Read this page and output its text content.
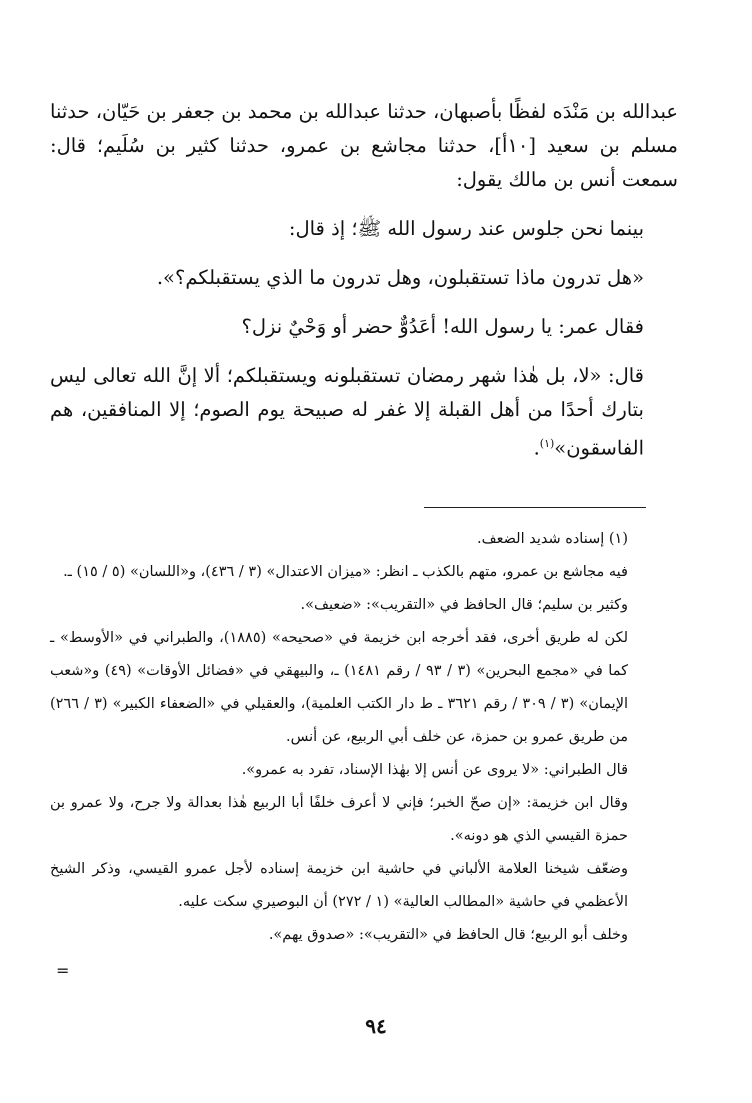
عبدالله بن مَنْدَه لفظًا بأصبهان، حدثنا عبدالله بن محمد بن جعفر بن حَيّان، حدثنا مسلم بن سعيد [١٠أ]، حدثنا مجاشع بن عمرو، حدثنا كثير بن سُلَيم؛ قال: سمعت أنس بن مالك يقول:

بينما نحن جلوس عند رسول الله ﷺ؛ إذ قال:

«هل تدرون ماذا تستقبلون، وهل تدرون ما الذي يستقبلكم؟».

فقال عمر: يا رسول الله! أعَدُوٌّ حضر أو وَحْيٌ نزل؟

قال: «لا، بل هٰذا شهر رمضان تستقبلونه ويستقبلكم؛ ألا إنَّ الله تعالى ليس بتارك أحدًا من أهل القبلة إلا غفر له صبيحة يوم الصوم؛ إلا المنافقين، هم الفاسقون»$^{(١)}$.

(١) إسناده شديد الضعف.

فيه مجاشع بن عمرو، متهم بالكذب ـ انظر: «ميزان الاعتدال» (٣ / ٤٣٦)، و«اللسان» (٥ / ١٥) ـ.

وكثير بن سليم؛ قال الحافظ في «التقريب»: «ضعيف».

لكن له طريق أخرى، فقد أخرجه ابن خزيمة في «صحيحه» (١٨٨٥)، والطبراني في «الأوسط» ـ كما في «مجمع البحرين» (٣ / ٩٣ / رقم ١٤٨١) ـ، والبيهقي في «فضائل الأوقات» (٤٩) و«شعب الإيمان» (٣ / ٣٠٩ / رقم ٣٦٢١ ـ ط دار الكتب العلمية)، والعقيلي في «الضعفاء الكبير» (٣ / ٢٦٦) من طريق عمرو بن حمزة، عن خلف أبي الربيع، عن أنس.

قال الطبراني: «لا يروى عن أنس إلا بهٰذا الإسناد، تفرد به عمرو».

وقال ابن خزيمة: «إن صحّ الخبر؛ فإني لا أعرف خلفًا أبا الربيع هٰذا بعدالة ولا جرح، ولا عمرو بن حمزة القيسي الذي هو دونه».

وضعّف شيخنا العلامة الألباني في حاشية ابن خزيمة إسناده لأجل عمرو القيسي، وذكر الشيخ الأعظمي في حاشية «المطالب العالية» (١ / ٢٧٢) أن البوصيري سكت عليه.

وخلف أبو الربيع؛ قال الحافظ في «التقريب»: «صدوق يهم».

=
٩٤
